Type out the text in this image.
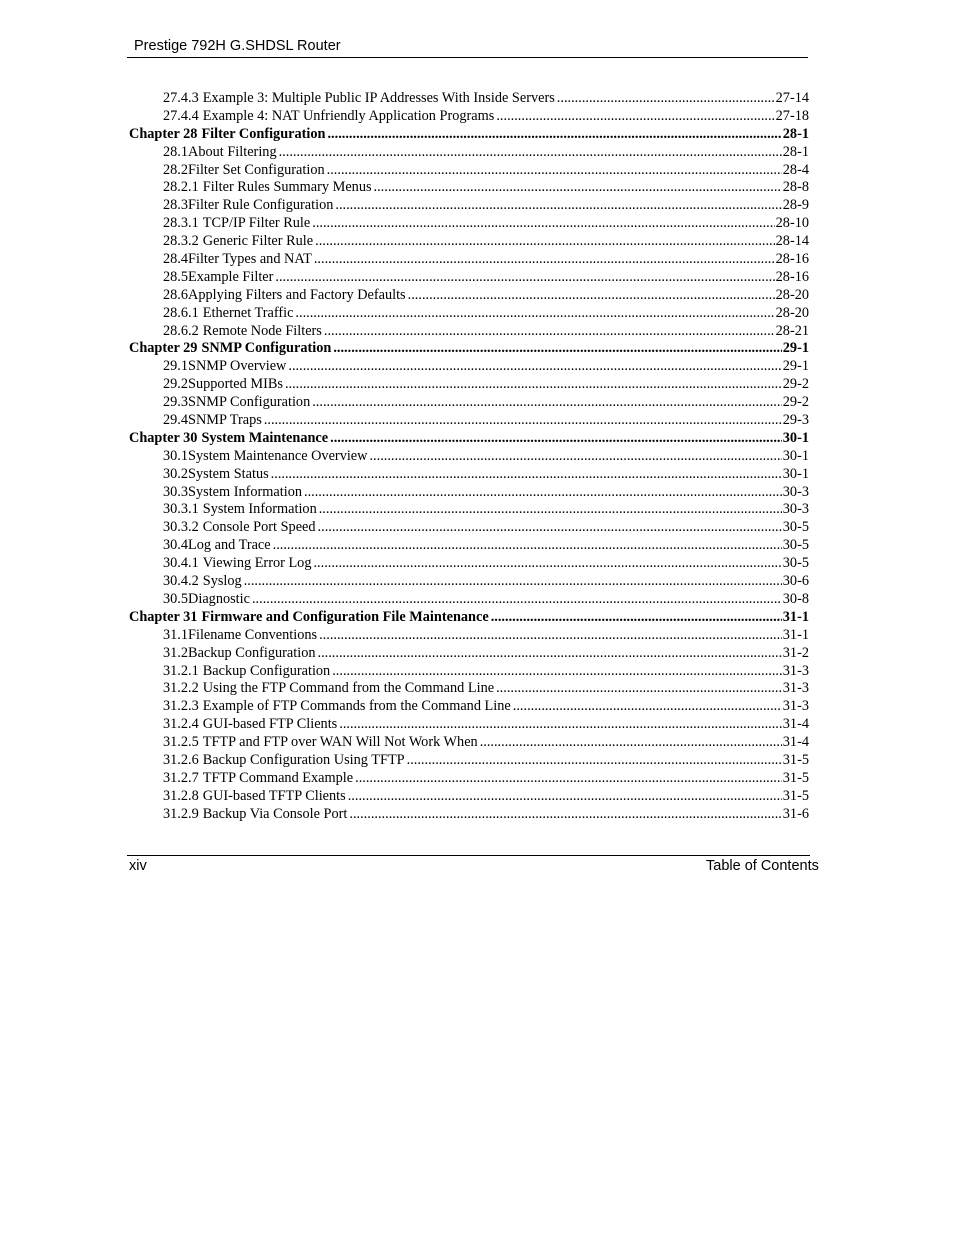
Prestige 792H G.SHDSL Router
27.4.3 Example 3: Multiple Public IP Addresses With Inside Servers .....	27-14
27.4.4 Example 4: NAT Unfriendly Application Programs .....	27-18
Chapter 28 Filter Configuration .....	28-1
28.1 About Filtering .....	28-1
28.2 Filter Set Configuration .....	28-4
28.2.1 Filter Rules Summary Menus .....	28-8
28.3 Filter Rule Configuration .....	28-9
28.3.1 TCP/IP Filter Rule .....	28-10
28.3.2 Generic Filter Rule .....	28-14
28.4 Filter Types and NAT .....	28-16
28.5 Example Filter .....	28-16
28.6 Applying Filters and Factory Defaults .....	28-20
28.6.1 Ethernet Traffic .....	28-20
28.6.2 Remote Node Filters .....	28-21
Chapter 29 SNMP Configuration .....	29-1
29.1 SNMP Overview .....	29-1
29.2 Supported MIBs .....	29-2
29.3 SNMP Configuration .....	29-2
29.4 SNMP Traps .....	29-3
Chapter 30 System Maintenance .....	30-1
30.1 System Maintenance Overview .....	30-1
30.2 System Status .....	30-1
30.3 System Information .....	30-3
30.3.1 System Information .....	30-3
30.3.2 Console Port Speed .....	30-5
30.4 Log and Trace .....	30-5
30.4.1 Viewing Error Log .....	30-5
30.4.2 Syslog .....	30-6
30.5 Diagnostic .....	30-8
Chapter 31 Firmware and Configuration File Maintenance .....	31-1
31.1 Filename Conventions .....	31-1
31.2 Backup Configuration .....	31-2
31.2.1 Backup Configuration .....	31-3
31.2.2 Using the FTP Command from the Command Line .....	31-3
31.2.3 Example of FTP Commands from the Command Line .....	31-3
31.2.4 GUI-based FTP Clients .....	31-4
31.2.5 TFTP and FTP over WAN Will Not Work When .....	31-4
31.2.6 Backup Configuration Using TFTP .....	31-5
31.2.7 TFTP Command Example .....	31-5
31.2.8 GUI-based TFTP Clients .....	31-5
31.2.9 Backup Via Console Port .....	31-6
xiv	Table of Contents
